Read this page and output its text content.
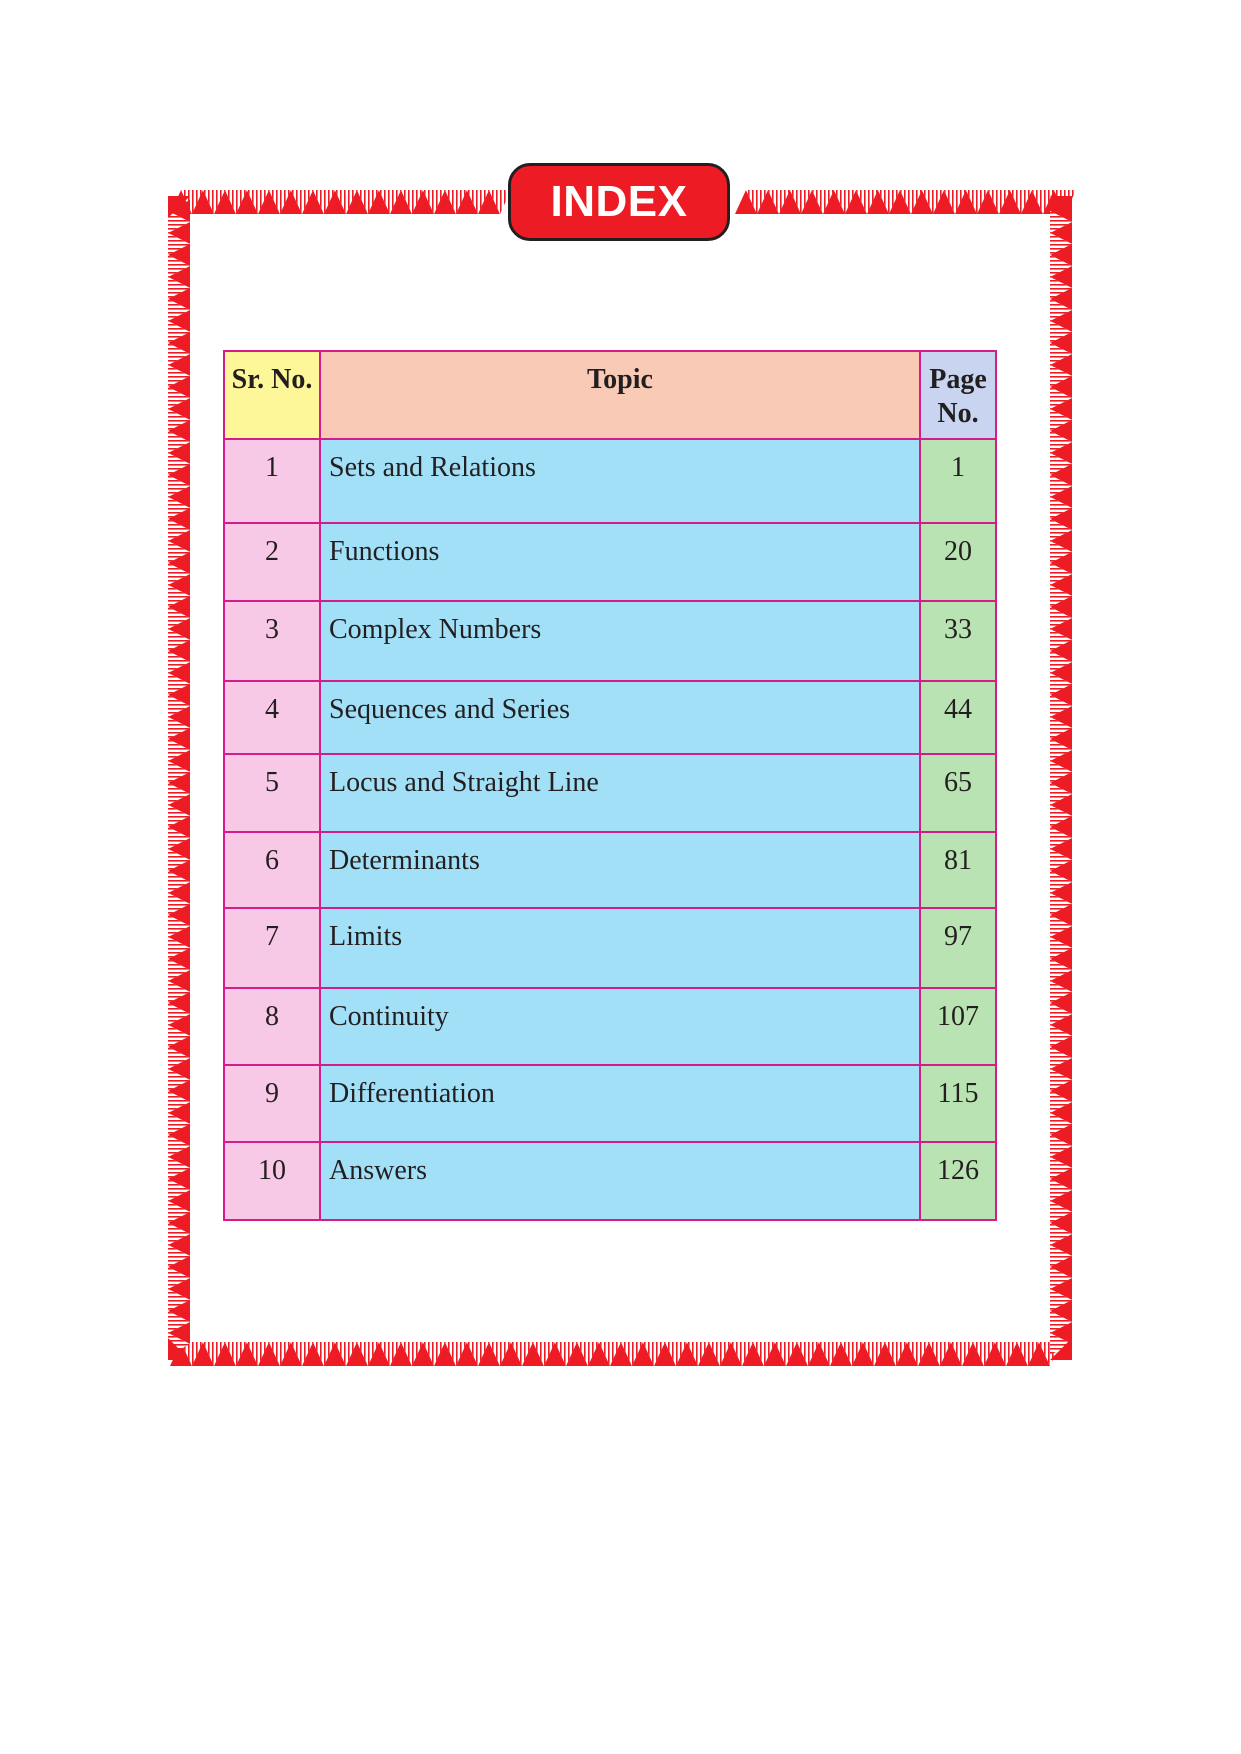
INDEX
Sr. No.	Topic	Page
No.

1	Sets and Relations	1
2	Functions	20
3	Complex Numbers	33
4	Sequences and Series	44
5	Locus and Straight Line	65
6	Determinants	81
7	Limits	97
8	Continuity	107
9	Differentiation	115
10	Answers	126
